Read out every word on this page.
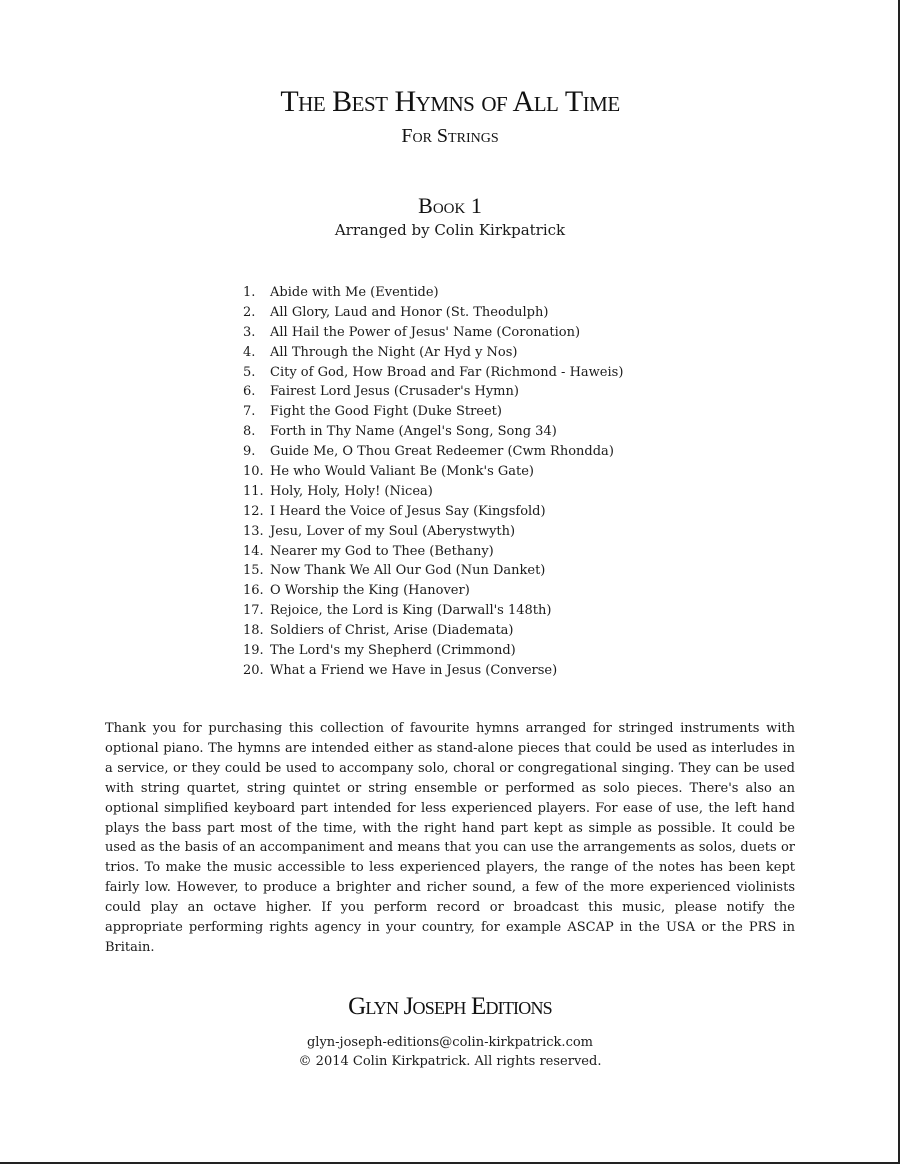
The Best Hymns of All Time
For Strings
Book 1
Arranged by Colin Kirkpatrick
1. Abide with Me (Eventide)
2. All Glory, Laud and Honor (St. Theodulph)
3. All Hail the Power of Jesus' Name (Coronation)
4. All Through the Night (Ar Hyd y Nos)
5. City of God, How Broad and Far (Richmond - Haweis)
6. Fairest Lord Jesus (Crusader's Hymn)
7. Fight the Good Fight (Duke Street)
8. Forth in Thy Name (Angel's Song, Song 34)
9. Guide Me, O Thou Great Redeemer (Cwm Rhondda)
10. He who Would Valiant Be (Monk's Gate)
11. Holy, Holy, Holy! (Nicea)
12. I Heard the Voice of Jesus Say (Kingsfold)
13. Jesu, Lover of my Soul (Aberystwyth)
14. Nearer my God to Thee (Bethany)
15. Now Thank We All Our God (Nun Danket)
16. O Worship the King (Hanover)
17. Rejoice, the Lord is King (Darwall's 148th)
18. Soldiers of Christ, Arise (Diademata)
19. The Lord's my Shepherd (Crimmond)
20. What a Friend we Have in Jesus (Converse)

Thank you for purchasing this collection of favourite hymns arranged for stringed instruments with optional piano. The hymns are intended either as stand-alone pieces that could be used as interludes in a service, or they could be used to accompany solo, choral or congregational singing. They can be used with string quartet, string quintet or string ensemble or performed as solo pieces. There's also an optional simplified keyboard part intended for less experienced players. For ease of use, the left hand plays the bass part most of the time, with the right hand part kept as simple as possible. It could be used as the basis of an accompaniment and means that you can use the arrangements as solos, duets or trios. To make the music accessible to less experienced players, the range of the notes has been kept fairly low. However, to produce a brighter and richer sound, a few of the more experienced violinists could play an octave higher. If you perform record or broadcast this music, please notify the appropriate performing rights agency in your country, for example ASCAP in the USA or the PRS in Britain.

Glyn Joseph Editions
glyn-joseph-editions@colin-kirkpatrick.com
© 2014 Colin Kirkpatrick. All rights reserved.
